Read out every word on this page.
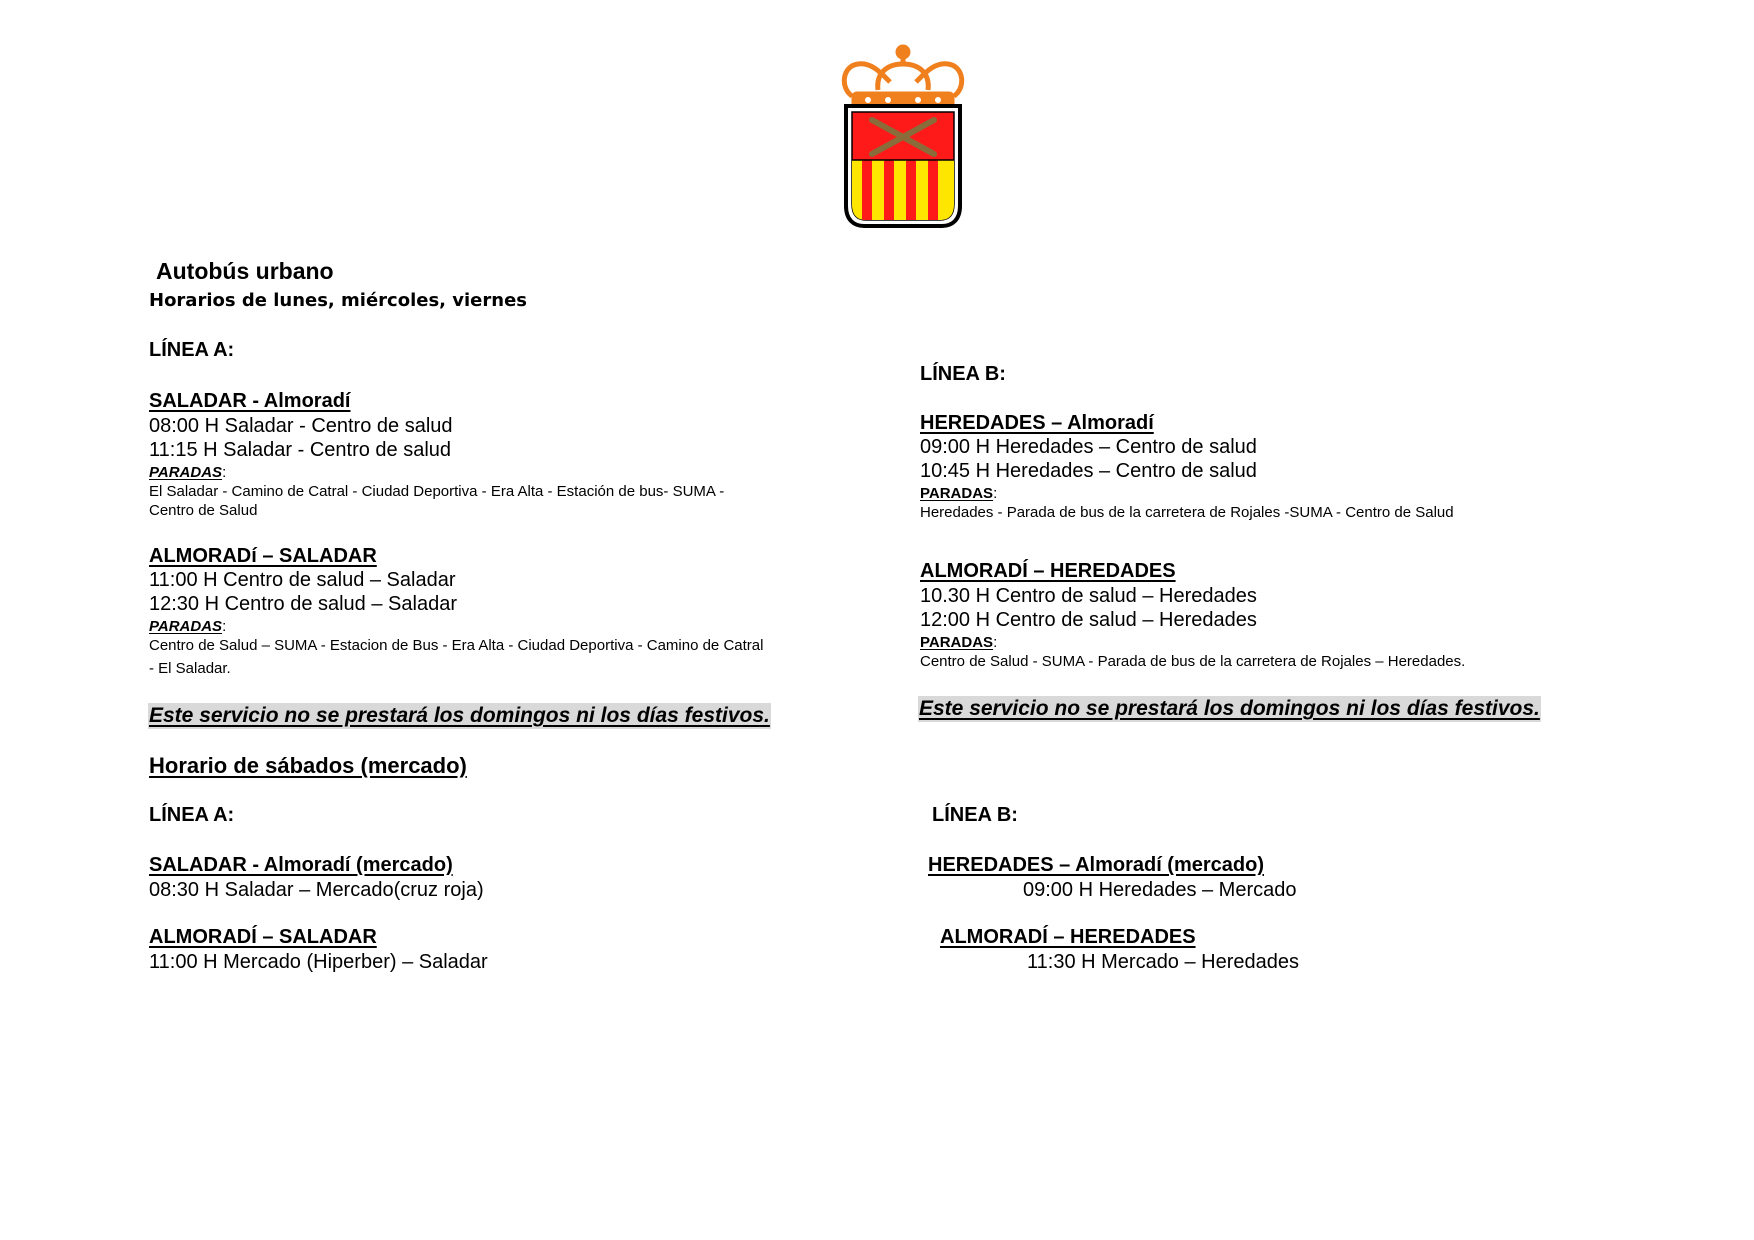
Autobús urbano
Horarios de lunes, miércoles, viernes
LÍNEA A:
SALADAR - Almoradí
08:00 H Saladar - Centro de salud
11:15 H Saladar - Centro de salud
PARADAS:
El Saladar - Camino de Catral - Ciudad Deportiva - Era Alta - Estación de bus- SUMA -
Centro de Salud
ALMORADí – SALADAR
11:00 H Centro de salud – Saladar
12:30 H Centro de salud – Saladar
PARADAS:
Centro de Salud – SUMA - Estacion de Bus - Era Alta - Ciudad Deportiva - Camino de Catral
- El Saladar.
Este servicio no se prestará los domingos ni los días festivos.
LÍNEA B:
HEREDADES – Almoradí
09:00 H Heredades – Centro de salud
10:45 H Heredades – Centro de salud
PARADAS:
Heredades - Parada de bus de la carretera de Rojales -SUMA - Centro de Salud
ALMORADÍ – HEREDADES
10.30 H Centro de salud – Heredades
12:00 H Centro de salud – Heredades
PARADAS:
Centro de Salud - SUMA - Parada de bus de la carretera de Rojales – Heredades.
Este servicio no se prestará los domingos ni los días festivos.
Horario de sábados (mercado)
LÍNEA A:
SALADAR - Almoradí (mercado)
08:30 H Saladar – Mercado(cruz roja)
ALMORADÍ – SALADAR
11:00 H Mercado (Hiperber) – Saladar
LÍNEA B:
HEREDADES – Almoradí (mercado)
09:00 H Heredades – Mercado
ALMORADÍ – HEREDADES
11:30 H Mercado – Heredades
